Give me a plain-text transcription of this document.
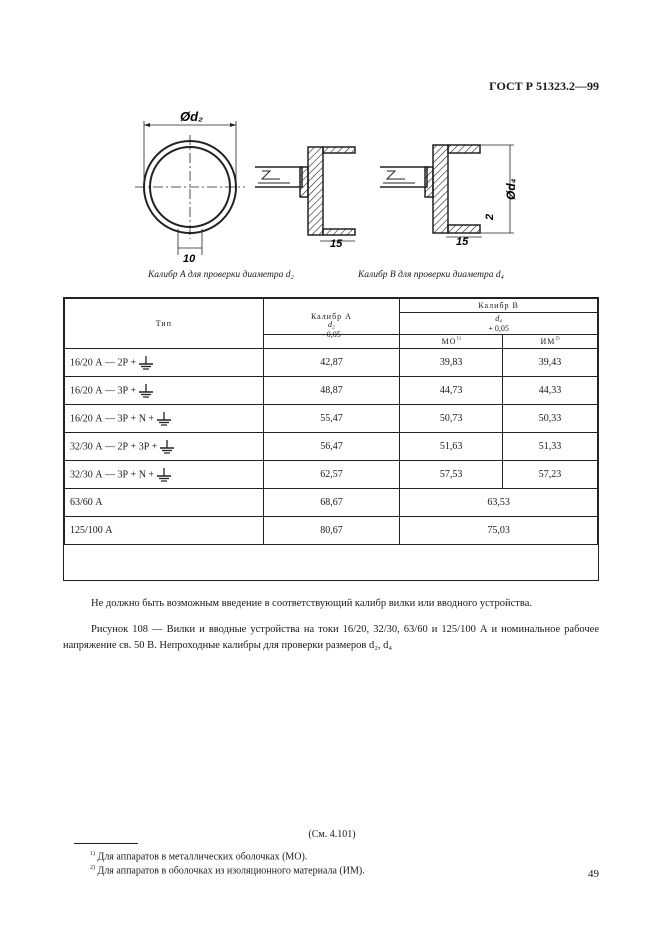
ГОСТ Р 51323.2—99
Ød₂
10
15
Ød₄
2
15
Калибр A для проверки диаметра d₂	Калибр B для проверки диаметра d₄
Тип	Калибр A	Калибр B	

		d₄
+ 0,05	

	d₂
- 0,05	МО$^{1)}$	ИМ$^{2)}$
16/20 А — 2Р +	42,87	39,83	39,43
16/20 А — 3Р +	48,87	44,73	44,33
16/20 А — 3Р + N +	55,47	50,73	50,33
32/30 А — 2Р + 3Р +	56,47	51,63	51,33
32/30 А — 3Р + N +	62,57	57,53	57,23
63/60 А	68,67	63,53	
125/100 А	80,67	75,03	
(См. 4.101)
$^{1)}$ Для аппаратов в металлических оболочках (МО).
$^{2)}$ Для аппаратов в оболочках из изоляционного материала (ИМ).
Не должно быть возможным введение в соответствующий калибр вилки или вводного устройства.
Рисунок 108 — Вилки и вводные устройства на токи 16/20, 32/30, 63/60 и 125/100 А и номинальное рабочее напряжение св. 50 В. Непроходные калибры для проверки размеров d₂, d₄
49
